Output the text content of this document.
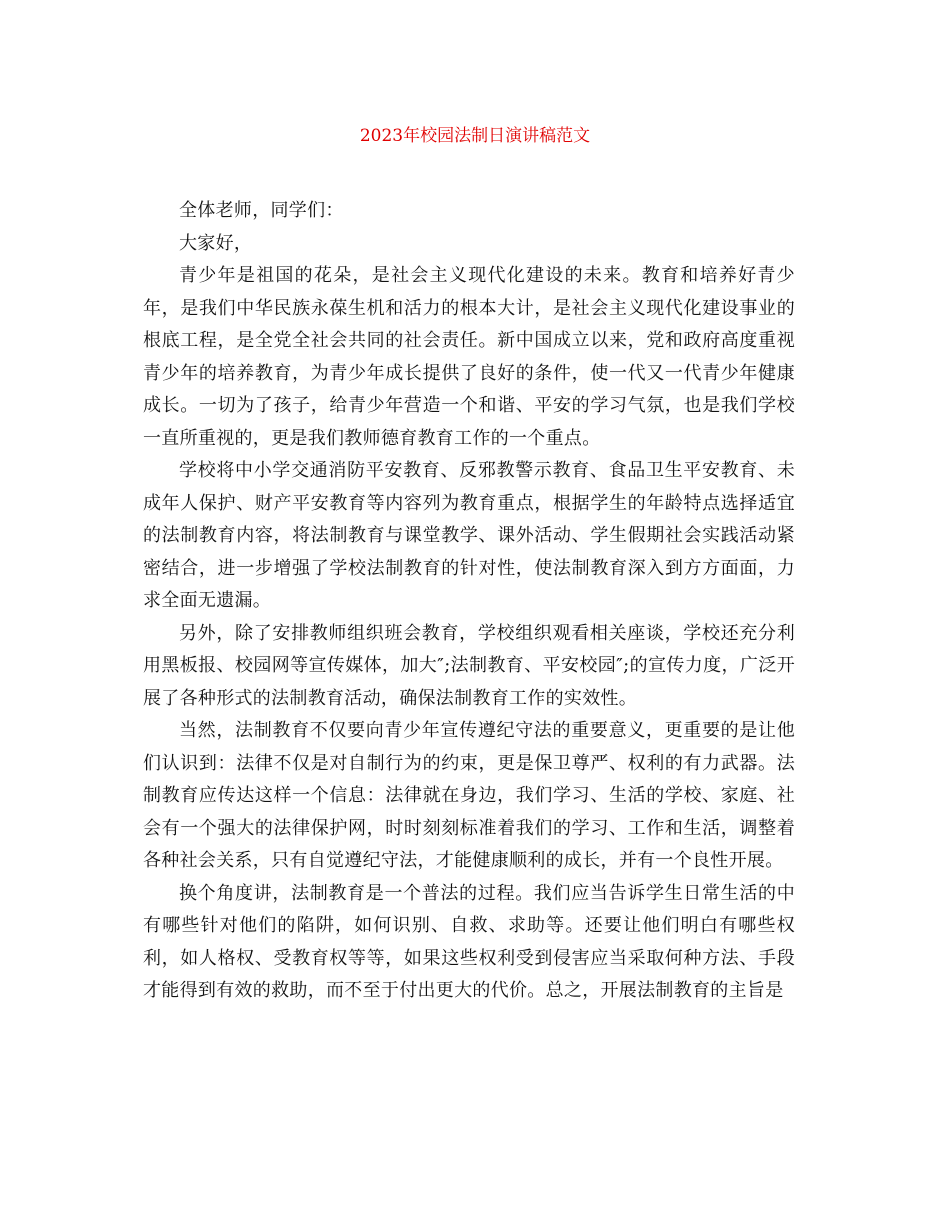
2023年校园法制日演讲稿范文

全体老师，同学们：

大家好，

青少年是祖国的花朵，是社会主义现代化建设的未来。教育和培养好青少年，是我们中华民族永葆生机和活力的根本大计，是社会主义现代化建设事业的根底工程，是全党全社会共同的社会责任。新中国成立以来，党和政府高度重视青少年的培养教育，为青少年成长提供了良好的条件，使一代又一代青少年健康成长。一切为了孩子，给青少年营造一个和谐、平安的学习气氛，也是我们学校一直所重视的，更是我们教师德育教育工作的一个重点。

学校将中小学交通消防平安教育、反邪教警示教育、食品卫生平安教育、未成年人保护、财产平安教育等内容列为教育重点，根据学生的年龄特点选择适宜的法制教育内容，将法制教育与课堂教学、课外活动、学生假期社会实践活动紧密结合，进一步增强了学校法制教育的针对性，使法制教育深入到方方面面，力求全面无遗漏。

另外，除了安排教师组织班会教育，学校组织观看相关座谈，学校还充分利用黑板报、校园网等宣传媒体，加大″;法制教育、平安校园″;的宣传力度，广泛开展了各种形式的法制教育活动，确保法制教育工作的实效性。

当然，法制教育不仅要向青少年宣传遵纪守法的重要意义，更重要的是让他们认识到：法律不仅是对自制行为的约束，更是保卫尊严、权利的有力武器。法制教育应传达这样一个信息：法律就在身边，我们学习、生活的学校、家庭、社会有一个强大的法律保护网，时时刻刻标准着我们的学习、工作和生活，调整着各种社会关系，只有自觉遵纪守法，才能健康顺利的成长，并有一个良性开展。

换个角度讲，法制教育是一个普法的过程。我们应当告诉学生日常生活的中有哪些针对他们的陷阱，如何识别、自救、求助等。还要让他们明白有哪些权利，如人格权、受教育权等等，如果这些权利受到侵害应当采取何种方法、手段才能得到有效的救助，而不至于付出更大的代价。总之，开展法制教育的主旨是
